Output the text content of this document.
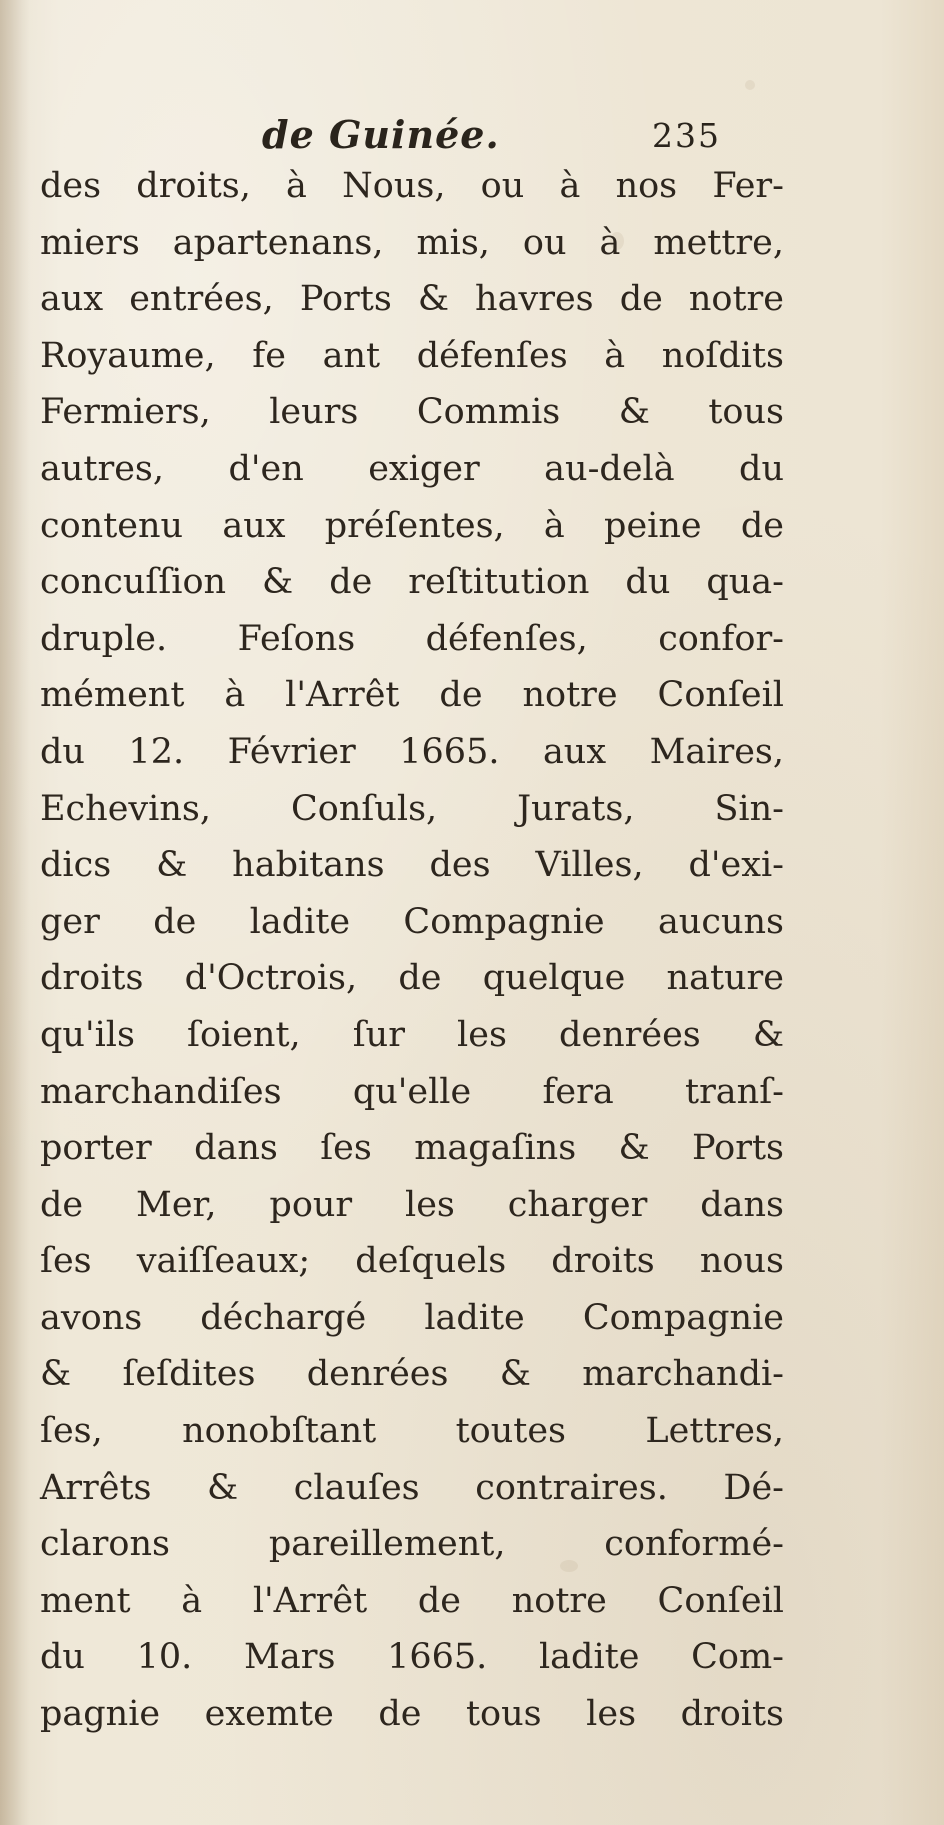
de Guinée.	235
des droits, à Nous, ou à nos Fer-
miers apartenans, mis, ou à mettre,
aux entrées, Ports & havres de notre
Royaume, fe ant défenſes à noſdits
Fermiers, leurs Commis & tous
autres, d'en exiger au-delà du
contenu aux préſentes, à peine de
concuſſion & de reſtitution du qua-
druple. Feſons défenſes, confor-
mément à l'Arrêt de notre Conſeil
du 12. Février 1665. aux Maires,
Echevins, Conſuls, Jurats, Sin-
dics & habitans des Villes, d'exi-
ger de ladite Compagnie aucuns
droits d'Octrois, de quelque nature
qu'ils ſoient, ſur les denrées &
marchandiſes qu'elle fera tranſ-
porter dans ſes magaſins & Ports
de Mer, pour les charger dans
ſes vaiſſeaux; deſquels droits nous
avons déchargé ladite Compagnie
& ſeſdites denrées & marchandi-
ſes, nonobſtant toutes Lettres,
Arrêts & clauſes contraires. Dé-
clarons pareillement, conformé-
ment à l'Arrêt de notre Conſeil
du 10. Mars 1665. ladite Com-
pagnie exemte de tous les droits
